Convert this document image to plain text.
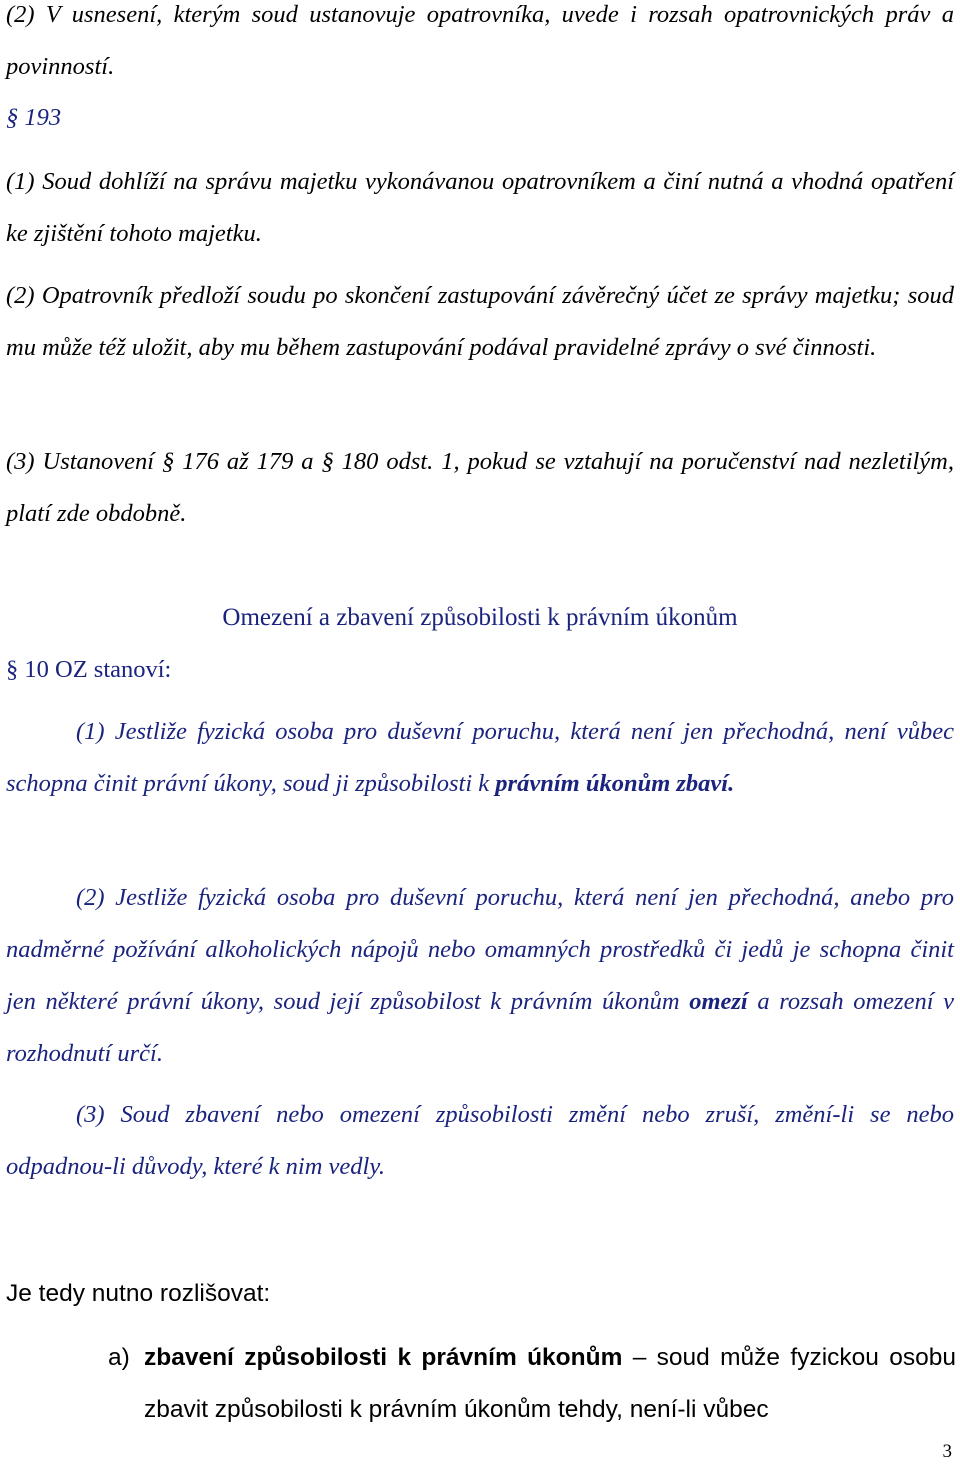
(2) V usnesení, kterým soud ustanovuje opatrovníka, uvede i rozsah opatrovnických práv a povinností.

§ 193

(1) Soud dohlíží na správu majetku vykonávanou opatrovníkem a činí nutná a vhodná opatření ke zjištění tohoto majetku.

(2) Opatrovník předloží soudu po skončení zastupování závěrečný účet ze správy majetku; soud mu může též uložit, aby mu během zastupování podával pravidelné zprávy o své činnosti.

(3) Ustanovení § 176 až 179 a § 180 odst. 1, pokud se vztahují na poručenství nad nezletilým, platí zde obdobně.

Omezení a zbavení způsobilosti k právním úkonům

§ 10 OZ stanoví:

(1) Jestliže fyzická osoba pro duševní poruchu, která není jen přechodná, není vůbec schopna činit právní úkony, soud ji způsobilosti k právním úkonům zbaví.

(2) Jestliže fyzická osoba pro duševní poruchu, která není jen přechodná, anebo pro nadměrné požívání alkoholických nápojů nebo omamných prostředků či jedů je schopna činit jen některé právní úkony, soud její způsobilost k právním úkonům omezí a rozsah omezení v rozhodnutí určí.

(3) Soud zbavení nebo omezení způsobilosti změní nebo zruší, změní-li se nebo odpadnou-li důvody, které k nim vedly.

Je tedy nutno rozlišovat:

a) zbavení způsobilosti k právním úkonům – soud může fyzickou osobu zbavit způsobilosti k právním úkonům tehdy, není-li vůbec
3
